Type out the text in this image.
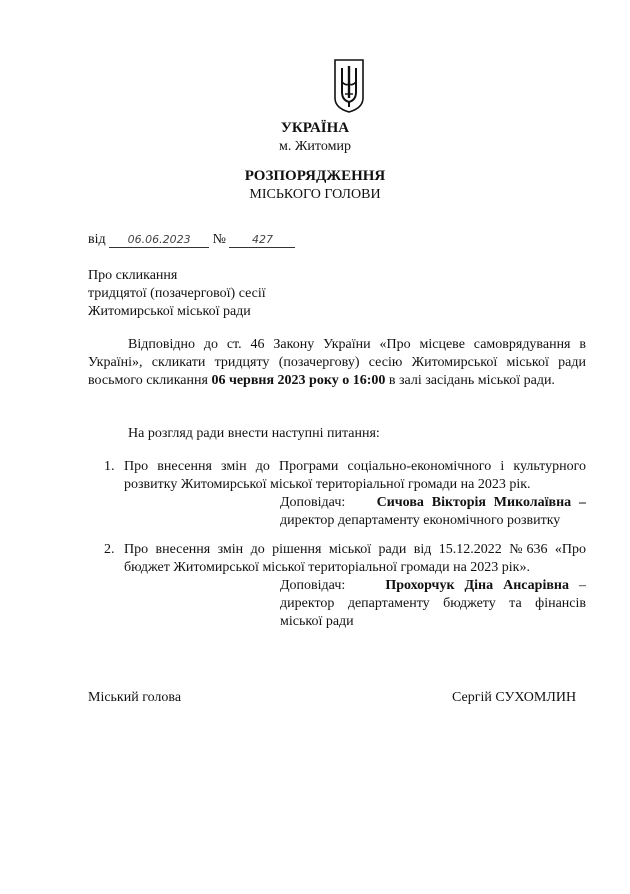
УКРАЇНА
м. Житомир
РОЗПОРЯДЖЕННЯ
МІСЬКОГО ГОЛОВИ
від 06.06.2023 № 427
Про скликання
тридцятої (позачергової) сесії
Житомирської міської ради
Відповідно до ст. 46 Закону України «Про місцеве самоврядування в Україні», скликати тридцяту (позачергову) сесію Житомирської міської ради восьмого скликання 06 червня 2023 року о 16:00 в залі засідань міської ради.
На розгляд ради внести наступні питання:
1. Про внесення змін до Програми соціально-економічного і культурного розвитку Житомирської міської територіальної громади на 2023 рік.
Доповідач: Сичова Вікторія Миколаївна – директор департаменту економічного розвитку
2. Про внесення змін до рішення міської ради від 15.12.2022 №636 «Про бюджет Житомирської міської територіальної громади на 2023 рік».
Доповідач:	Прохорчук Діна Ансарівна – директор департаменту бюджету та фінансів міської ради
Міський голова	Сергій СУХОМЛИН
